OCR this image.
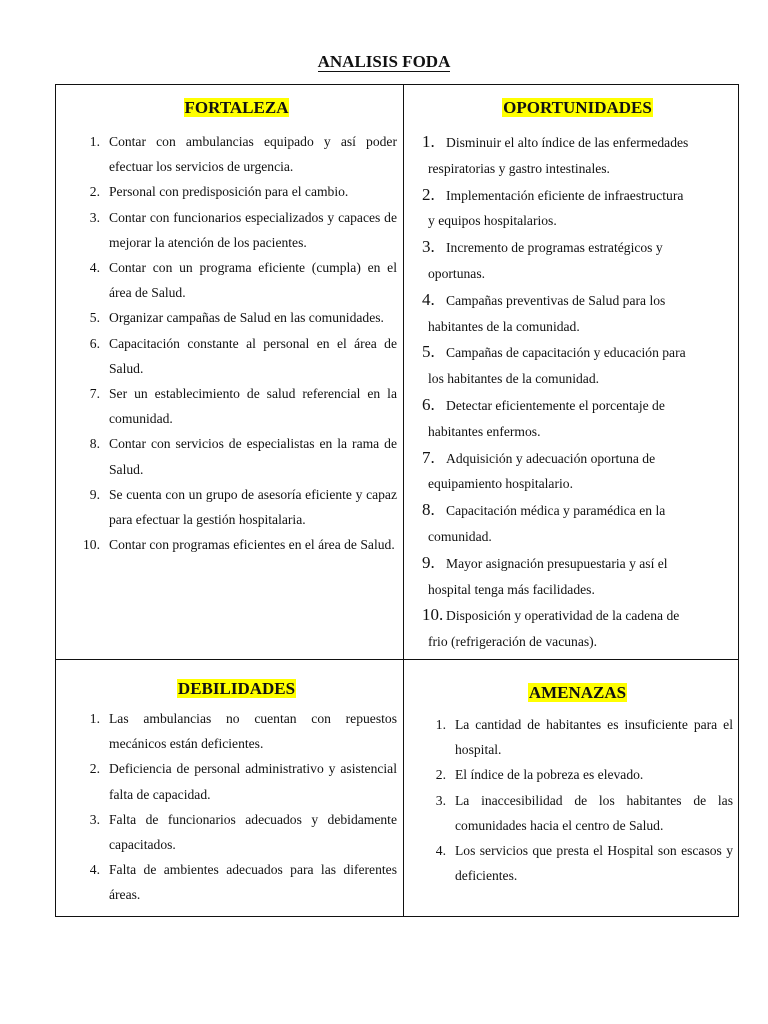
ANALISIS FODA
FORTALEZA
1. Contar con ambulancias equipado y así poder efectuar los servicios de urgencia.
2. Personal con predisposición para el cambio.
3. Contar con funcionarios especializados y capaces de mejorar la atención de los pacientes.
4. Contar con un programa eficiente (cumpla) en el área de Salud.
5. Organizar campañas de Salud en las comunidades.
6. Capacitación constante al personal en el área de Salud.
7. Ser un establecimiento de salud referencial en la comunidad.
8. Contar con servicios de especialistas en la rama de Salud.
9. Se cuenta con un grupo de asesoría eficiente y capaz para efectuar la gestión hospitalaria.
10. Contar con programas eficientes en el área de Salud.
OPORTUNIDADES
1. Disminuir el alto índice de las enfermedades
respiratorias y gastro intestinales.
2. Implementación eficiente de infraestructura
y equipos hospitalarios.
3. Incremento de programas estratégicos y
oportunas.
4. Campañas preventivas de Salud para los
habitantes de la comunidad.
5. Campañas de capacitación y educación para
los habitantes de la comunidad.
6. Detectar eficientemente el porcentaje de
habitantes enfermos.
7. Adquisición y adecuación oportuna de
equipamiento hospitalario.
8. Capacitación médica y paramédica en la
comunidad.
9. Mayor asignación presupuestaria y así el
hospital tenga más facilidades.
10. Disposición y operatividad de la cadena de
frio (refrigeración de vacunas).
DEBILIDADES
1. Las ambulancias no cuentan con repuestos mecánicos están deficientes.
2. Deficiencia de personal administrativo y asistencial falta de capacidad.
3. Falta de funcionarios adecuados y debidamente capacitados.
4. Falta de ambientes adecuados para las diferentes áreas.
AMENAZAS
1. La cantidad de habitantes es insuficiente para el hospital.
2. El índice de la pobreza es elevado.
3. La inaccesibilidad de los habitantes de las comunidades hacia el centro de Salud.
4. Los servicios que presta el Hospital son escasos y deficientes.
